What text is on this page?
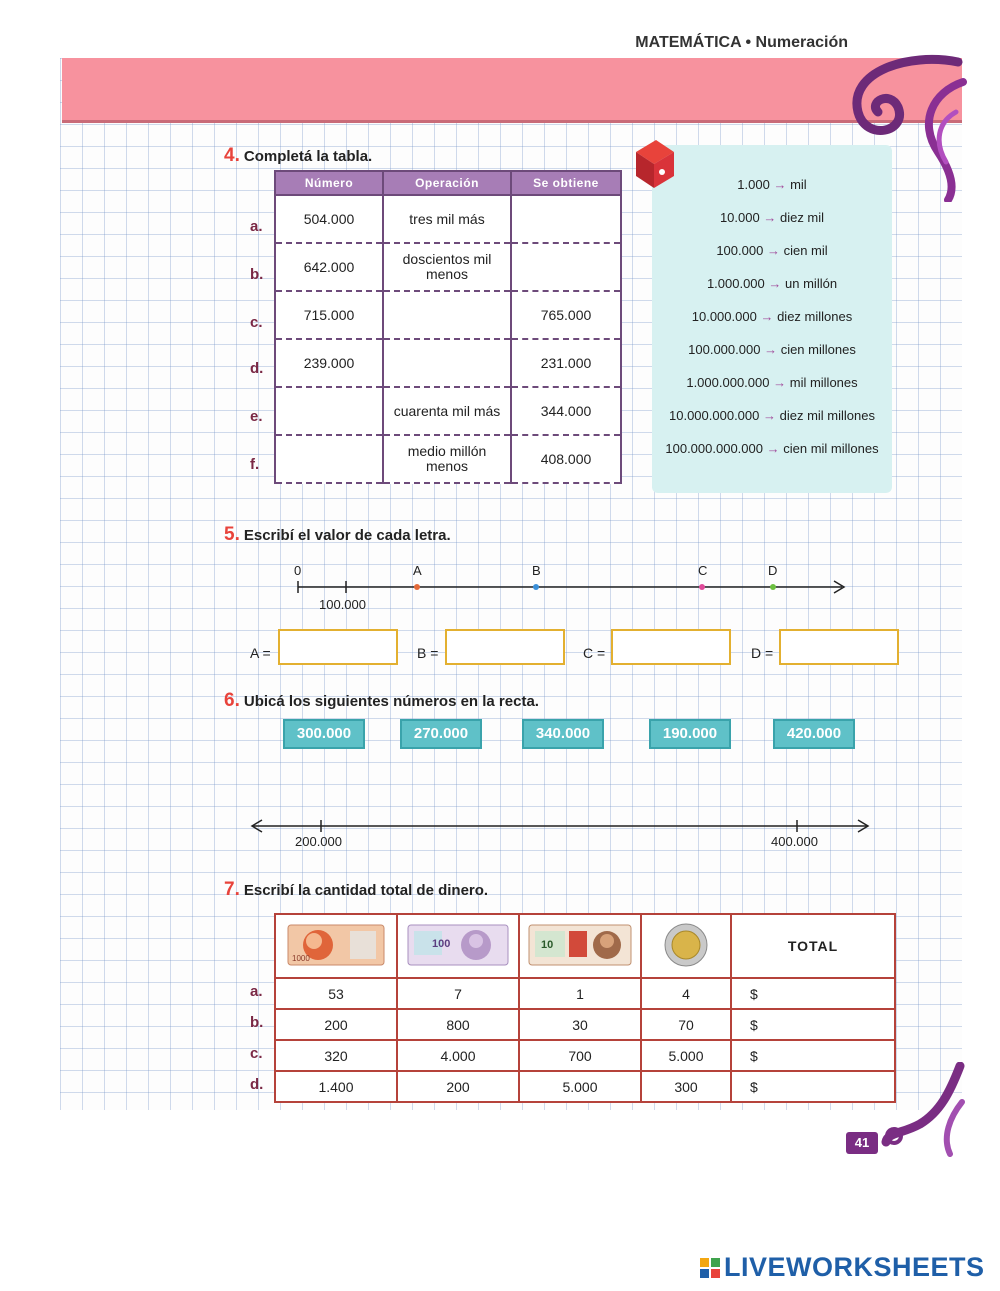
MATEMÁTICA • Numeración
4. Completá la tabla.
Número	Operación	Se obtiene
504.000	tres mil más	
642.000	doscientos mil menos	
715.000		765.000
239.000		231.000
	cuarenta mil más	344.000
	medio millón menos	408.000
a.
b.
c.
d.
e.
f.
1.000 → mil
10.000 → diez mil
100.000 → cien mil
1.000.000 → un millón
10.000.000 → diez millones
100.000.000 → cien millones
1.000.000.000 → mil millones
10.000.000.000 → diez mil millones
100.000.000.000 → cien mil millones
5. Escribí el valor de cada letra.
0
100.000
A	B	C	D
A =	B =	C =	D =
6. Ubicá los siguientes números en la recta.
300.000	270.000	340.000	190.000	420.000
200.000	400.000
7. Escribí la cantidad total de dinero.
1000	100	10		TOTAL
53	7	1	4	$
200	800	30	70	$
320	4.000	700	5.000	$
1.400	200	5.000	300	$
a.
b.
c.
d.
41
LIVEWORKSHEETS
